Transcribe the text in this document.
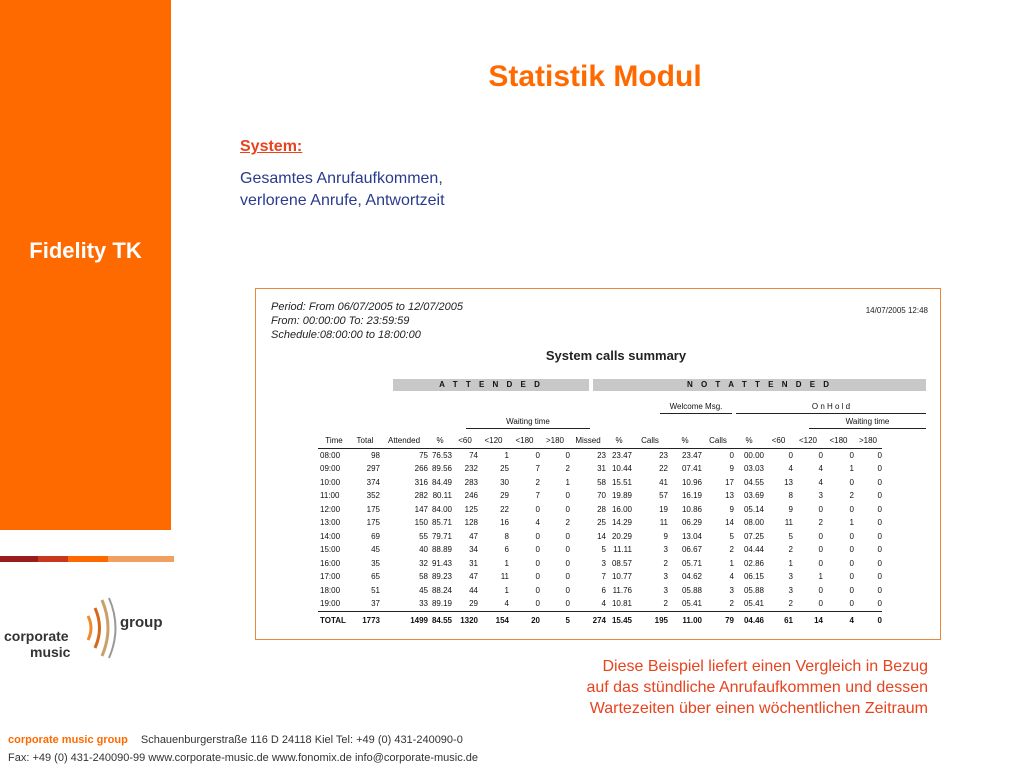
Fidelity TK
corporate
music
group
Statistik Modul
System:
Gesamtes Anrufaufkommen,
verlorene Anrufe, Antwortzeit
Period: From 06/07/2005 to 12/07/2005
From: 00:00:00 To: 23:59:59
Schedule:08:00:00 to 18:00:00
14/07/2005 12:48
System calls summary
A T T E N D E D	N O T A T T E N D E D
Welcome Msg.	O n H o l d
Waiting time	Waiting time
Time	Total	Attended	%	<60	<120	<180	>180	Missed	%	Calls	%	Calls	%	<60	<120	<180	>180
08:00	98	75	76.53	74	1	0	0	23	23.47	23	23.47	0	00.00	0	0	0	0
09:00	297	266	89.56	232	25	7	2	31	10.44	22	07.41	9	03.03	4	4	1	0
10:00	374	316	84.49	283	30	2	1	58	15.51	41	10.96	17	04.55	13	4	0	0
11:00	352	282	80.11	246	29	7	0	70	19.89	57	16.19	13	03.69	8	3	2	0
12:00	175	147	84.00	125	22	0	0	28	16.00	19	10.86	9	05.14	9	0	0	0
13:00	175	150	85.71	128	16	4	2	25	14.29	11	06.29	14	08.00	11	2	1	0
14:00	69	55	79.71	47	8	0	0	14	20.29	9	13.04	5	07.25	5	0	0	0
15:00	45	40	88.89	34	6	0	0	5	11.11	3	06.67	2	04.44	2	0	0	0
16:00	35	32	91.43	31	1	0	0	3	08.57	2	05.71	1	02.86	1	0	0	0
17:00	65	58	89.23	47	11	0	0	7	10.77	3	04.62	4	06.15	3	1	0	0
18:00	51	45	88.24	44	1	0	0	6	11.76	3	05.88	3	05.88	3	0	0	0
19:00	37	33	89.19	29	4	0	0	4	10.81	2	05.41	2	05.41	2	0	0	0
TOTAL	1773	1499	84.55	1320	154	20	5	274	15.45	195	11.00	79	04.46	61	14	4	0
Diese Beispiel liefert einen Vergleich in Bezug
auf das stündliche Anrufaufkommen und dessen
Wartezeiten über einen wöchentlichen Zeitraum
corporate music group Schauenburgerstraße 116 D 24118 Kiel Tel: +49 (0) 431-240090-0
Fax: +49 (0) 431-240090-99 www.corporate-music.de www.fonomix.de info@corporate-music.de
